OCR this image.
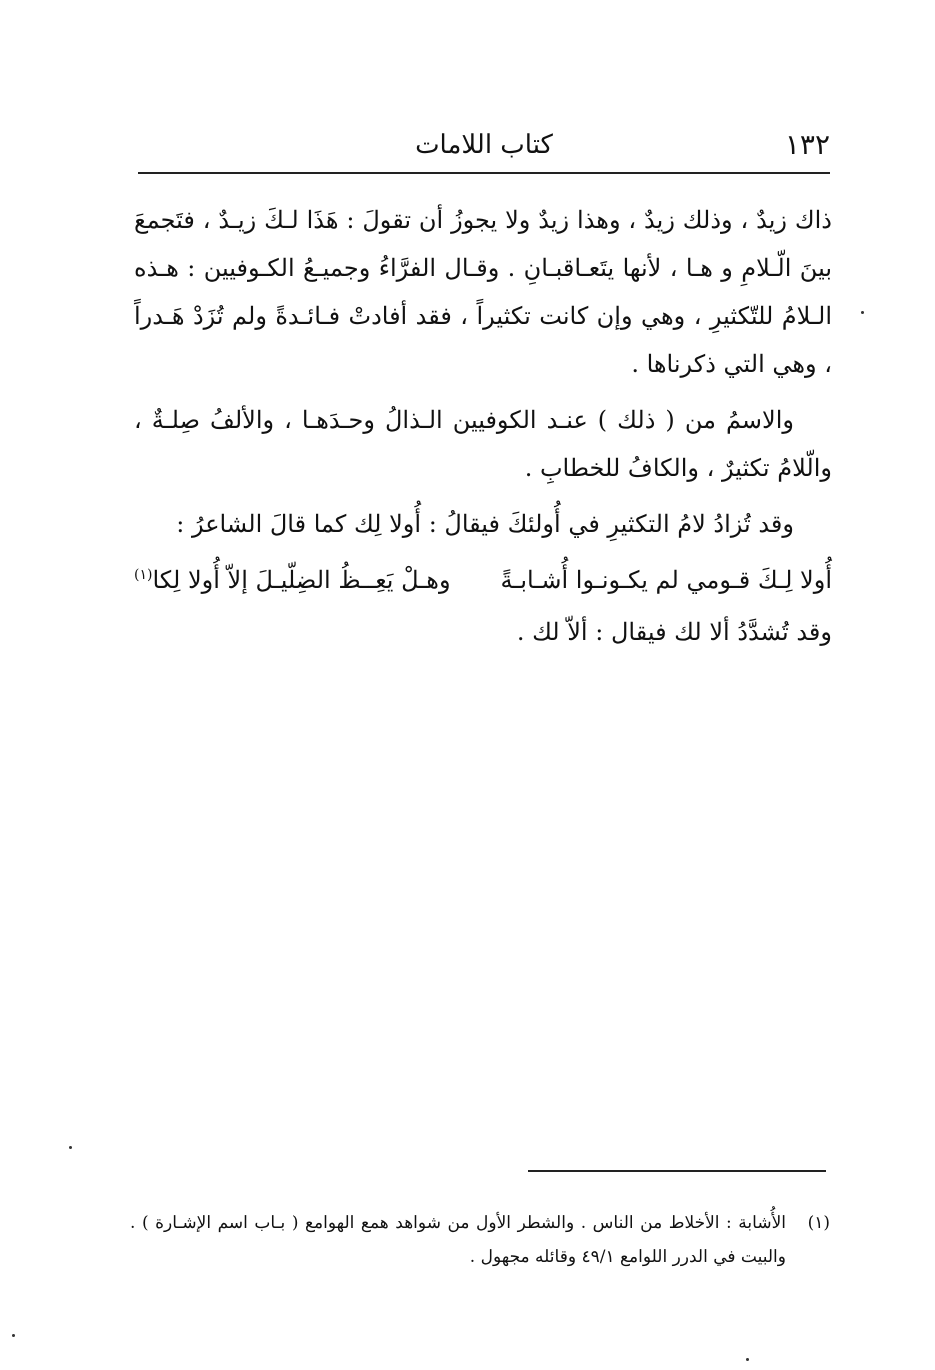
١٣٢
كتاب اللامات

ذاك زيدٌ ، وذلك زيدٌ ، وهذا زيدٌ ولا يجوزُ أن تقولَ : هَذَا لـكَ زيـدٌ ، فتَجمعَ بينَ الّـلامِ و هـا ، لأنها يتَعـاقبـانِ . وقـال الفرَّاءُ وجميـعُ الكـوفيين : هـذه الـلامُ للتّكثيرِ ، وهي وإن كانت تكثيراً ، فقد أفادتْ فـائـدةً ولم تُزَدْ هَـدراً ، وهي التي ذكرناها .

والاسمُ من ( ذلك ) عنـد الكوفيين الـذالُ وحـدَهـا ، والألفُ صِلـةٌ ، والّلامُ تكثيرٌ ، والكافُ للخطابِ .

وقد تُزادُ لامُ التكثيرِ في أُولئكَ فيقالُ : أُولا لِك كما قالَ الشاعرُ :

أُولا لِـكَ قـومي لم يكـونـوا أُشـابـةً
وهـلْ يَعِــظُ الضِلّيـلَ إلاّ أُولا لِكا$^{(١)}$

وقد تُشدَّدُ ألا لك فيقال : ألاّ لك .

(١)
الأُشابة : الأخلاط من الناس . والشطر الأول من شواهد همع الهوامع ( بـاب اسم الإشـارة ) . والبيت في الدرر اللوامع ٤٩/١ وقائله مجهول .
